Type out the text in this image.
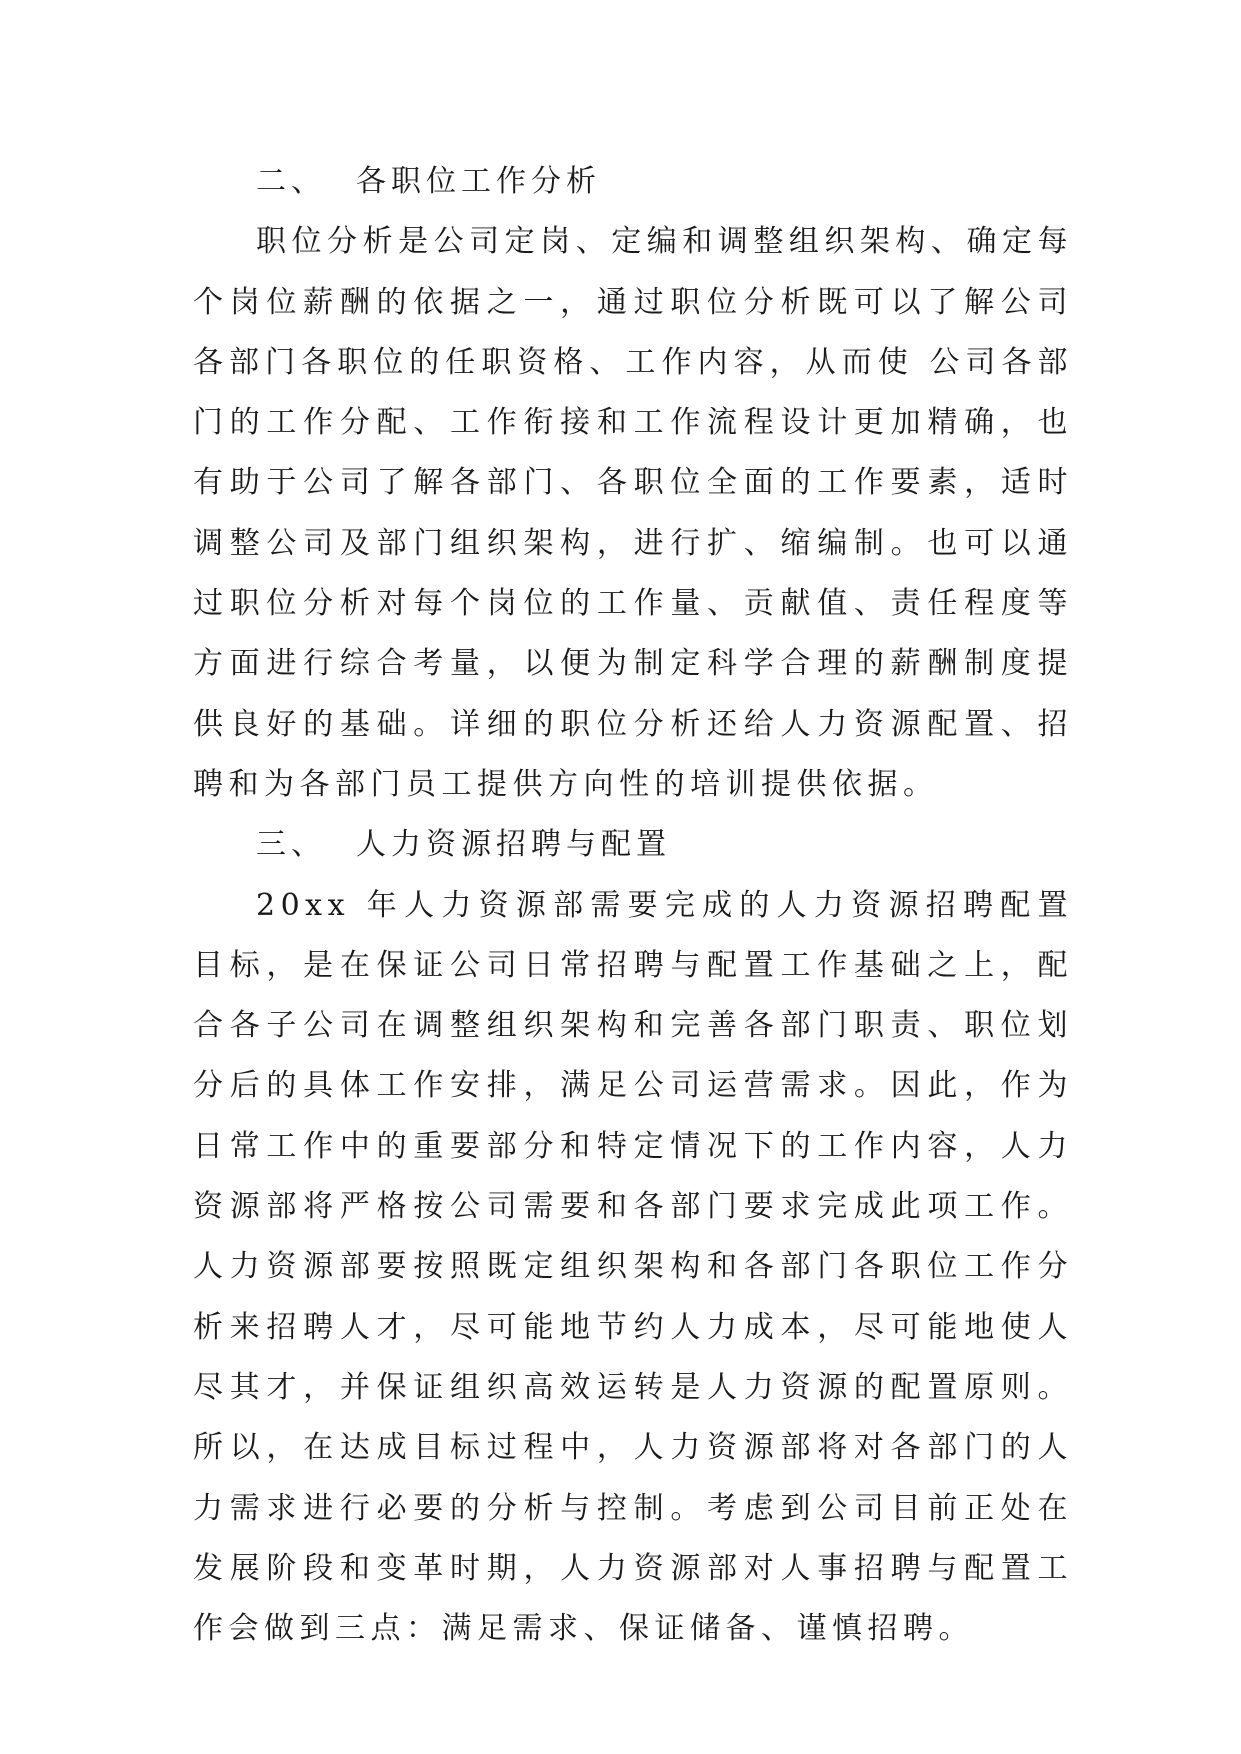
二、 各职位工作分析

职位分析是公司定岗、定编和调整组织架构、确定每个岗位薪酬的依据之一，通过职位分析既可以了解公司各部门各职位的任职资格、工作内容，从而使 公司各部门的工作分配、工作衔接和工作流程设计更加精确，也有助于公司了解各部门、各职位全面的工作要素，适时调整公司及部门组织架构，进行扩、缩编制。也可以通过职位分析对每个岗位的工作量、贡献值、责任程度等方面进行综合考量，以便为制定科学合理的薪酬制度提供良好的基础。详细的职位分析还给人力资源配置、招聘和为各部门员工提供方向性的培训提供依据。

三、 人力资源招聘与配置

20xx 年人力资源部需要完成的人力资源招聘配置目标，是在保证公司日常招聘与配置工作基础之上，配合各子公司在调整组织架构和完善各部门职责、职位划分后的具体工作安排，满足公司运营需求。因此，作为日常工作中的重要部分和特定情况下的工作内容，人力资源部将严格按公司需要和各部门要求完成此项工作。人力资源部要按照既定组织架构和各部门各职位工作分析来招聘人才，尽可能地节约人力成本，尽可能地使人尽其才，并保证组织高效运转是人力资源的配置原则。所以，在达成目标过程中，人力资源部将对各部门的人力需求进行必要的分析与控制。考虑到公司目前正处在发展阶段和变革时期，人力资源部对人事招聘与配置工作会做到三点：满足需求、保证储备、谨慎招聘。
